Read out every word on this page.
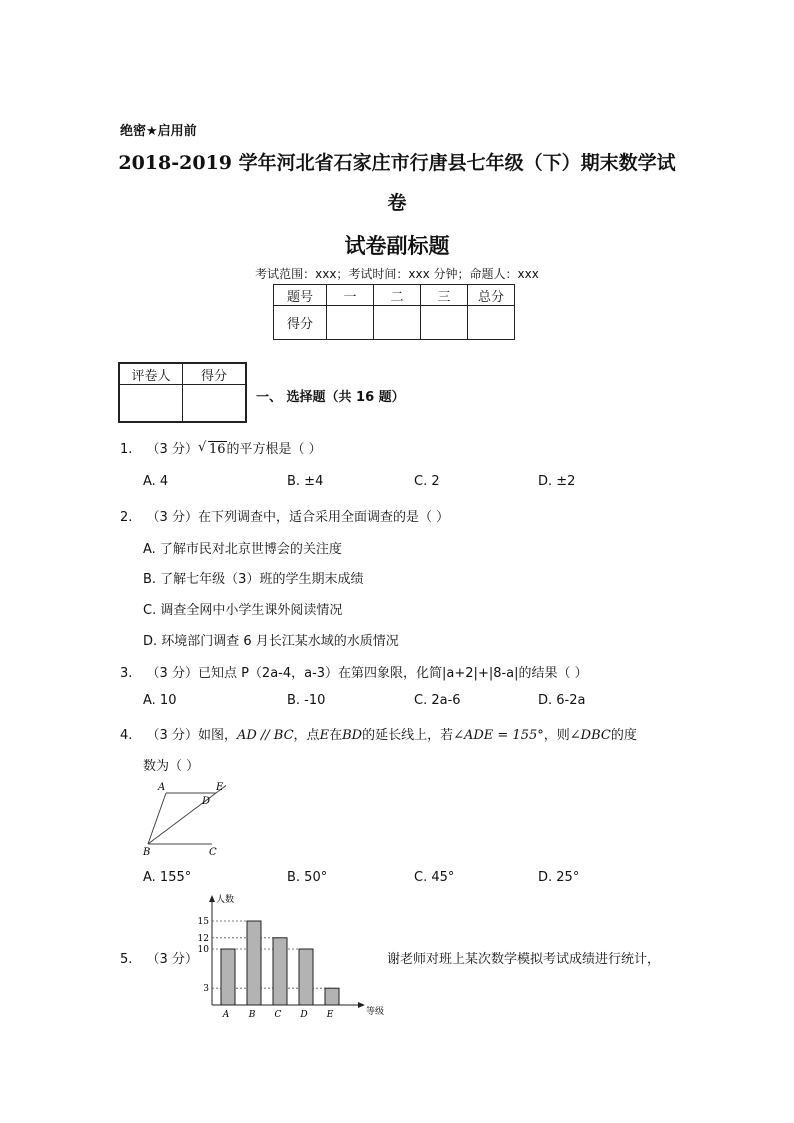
绝密★启用前
2018-2019 学年河北省石家庄市行唐县七年级（下）期末数学试
卷
试卷副标题
考试范围：xxx；考试时间：xxx 分钟；命题人：xxx
题号	一	二	三	总分
得分				
评卷人	得分

一、 选择题（共 16 题）
1. （3 分） √ 16的平方根是（ ）
A. 4	B. ±4	C. 2	D. ±2
2. （3 分）在下列调查中，适合采用全面调查的是（ ）
A. 了解市民对北京世博会的关注度
B. 了解七年级（3）班的学生期末成绩
C. 调查全网中小学生课外阅读情况
D. 环境部门调查 6 月长江某水域的水质情况
3. （3 分）已知点 P（2a-4，a-3）在第四象限，化简|a+2|+|8-a|的结果（ ）
A. 10	B. -10	C. 2a-6	D. 6-2a
4. （3 分）如图，AD // BC，点E在BD的延长线上，若∠ADE = 155°，则∠DBC的度
数为（ ）
A
D
E
B	C
A. 155°	B. 50°	C. 45°	D. 25°
5. （3 分）	谢老师对班上某次数学模拟考试成绩进行统计，
人数
等级
3
10
12
15
A B C D E
